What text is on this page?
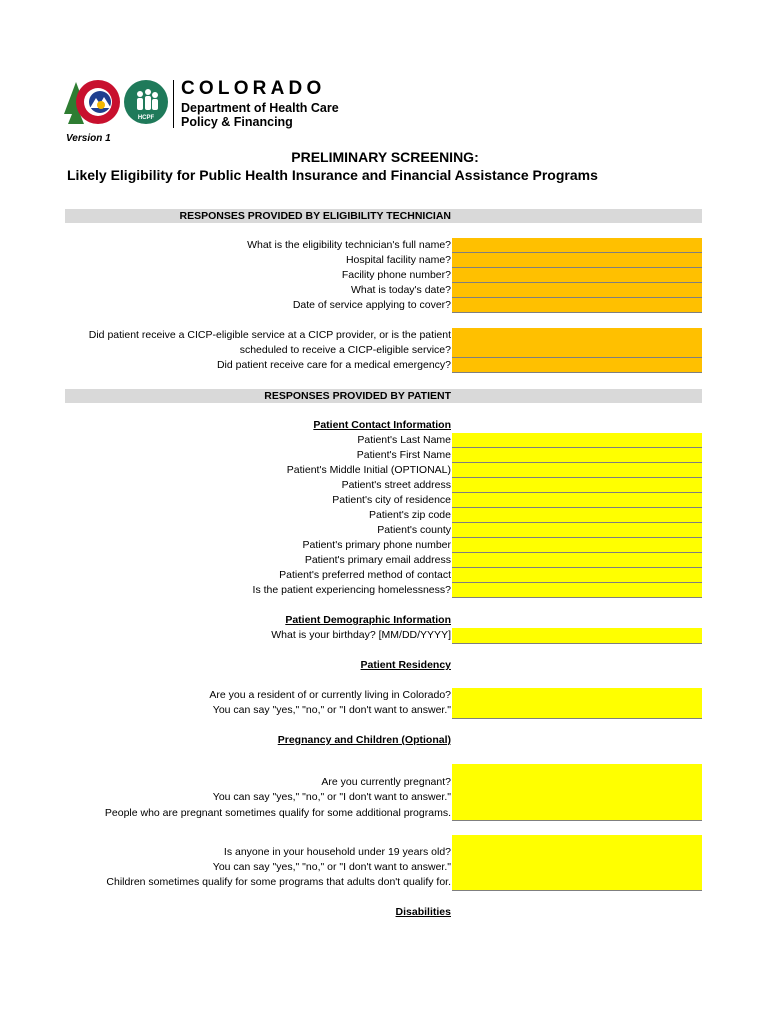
HCPF
COLORADO
Department of Health Care
Policy & Financing
Version 1
PRELIMINARY SCREENING:
Likely Eligibility for Public Health Insurance and Financial Assistance Programs
RESPONSES PROVIDED BY ELIGIBILITY TECHNICIAN
What is the eligibility technician's full name?
Hospital facility name?
Facility phone number?
What is today's date?
Date of service applying to cover?
Did patient receive a CICP-eligible service at a CICP provider, or is the patient
scheduled to receive a CICP-eligible service?
Did patient receive care for a medical emergency?
RESPONSES PROVIDED BY PATIENT
Patient Contact Information
Patient's Last Name
Patient's First Name
Patient's Middle Initial (OPTIONAL)
Patient's street address
Patient's city of residence
Patient's zip code
Patient's county
Patient's primary phone number
Patient's primary email address
Patient's preferred method of contact
Is the patient experiencing homelessness?
Patient Demographic Information
What is your birthday? [MM/DD/YYYY]
Patient Residency
Are you a resident of or currently living in Colorado?
You can say "yes," "no," or "I don't want to answer."
Pregnancy and Children (Optional)
Are you currently pregnant?
You can say "yes," "no," or "I don't want to answer."
People who are pregnant sometimes qualify for some additional programs.
Is anyone in your household under 19 years old?
You can say "yes," "no," or "I don't want to answer."
Children sometimes qualify for some programs that adults don't qualify for.
Disabilities
